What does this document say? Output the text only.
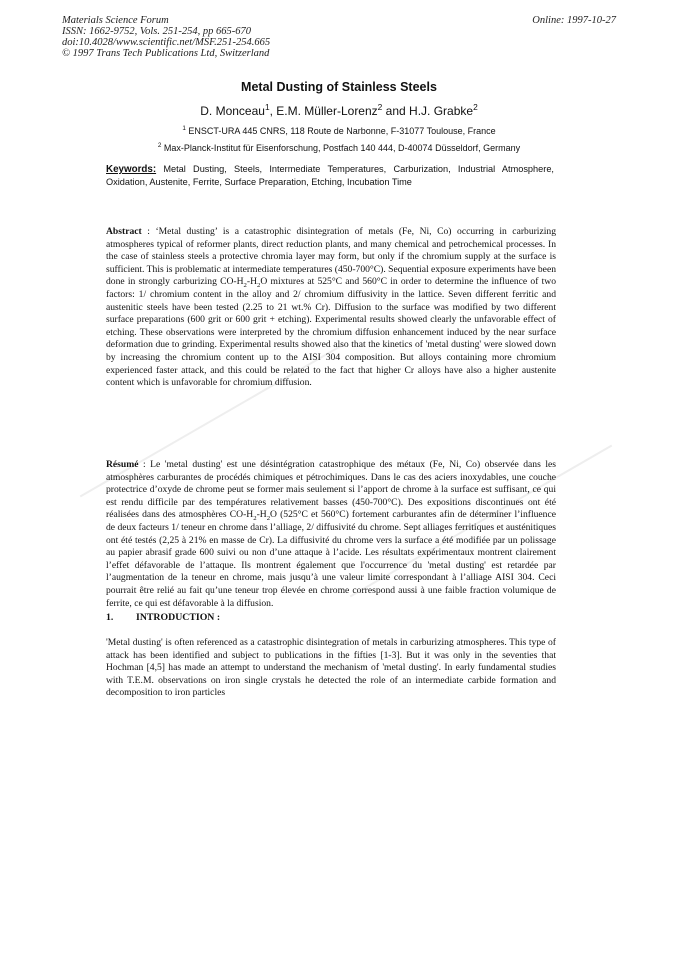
Materials Science Forum
ISSN: 1662-9752, Vols. 251-254, pp 665-670
doi:10.4028/www.scientific.net/MSF.251-254.665
© 1997 Trans Tech Publications Ltd, Switzerland
Online: 1997-10-27
Metal Dusting of Stainless Steels
D. Monceau$^1$, E.M. Müller-Lorenz$^2$ and H.J. Grabke$^2$
$^1$ ENSCT-URA 445 CNRS, 118 Route de Narbonne, F-31077 Toulouse, France
$^2$ Max-Planck-Institut für Eisenforschung, Postfach 140 444, D-40074 Düsseldorf, Germany
Keywords: Metal Dusting, Steels, Intermediate Temperatures, Carburization, Industrial Atmosphere, Oxidation, Austenite, Ferrite, Surface Preparation, Etching, Incubation Time
Abstract : ‘Metal dusting’ is a catastrophic disintegration of metals (Fe, Ni, Co) occurring in carburizing atmospheres typical of reformer plants, direct reduction plants, and many chemical and petrochemical processes. In the case of stainless steels a protective chromia layer may form, but only if the chromium supply at the surface is sufficient. This is problematic at intermediate temperatures (450-700°C). Sequential exposure experiments have been done in strongly carburizing $CO-H_2-H_2O$ mixtures at 525°C and 560°C in order to determine the influence of two factors: 1/ chromium content in the alloy and 2/ chromium diffusivity in the lattice. Seven different ferritic and austenitic steels have been tested (2.25 to 21 wt.% Cr). Diffusion to the surface was modified by two different surface preparations (600 grit or 600 grit + etching). Experimental results showed clearly the unfavorable effect of etching. These observations were interpreted by the chromium diffusion enhancement induced by the near surface deformation due to grinding. Experimental results showed also that the kinetics of 'metal dusting' were slowed down by increasing the chromium content up to the AISI 304 composition. But alloys containing more chromium experienced faster attack, and this could be related to the fact that higher Cr alloys have also a higher austenite content which is unfavorable for chromium diffusion.
Résumé : Le 'metal dusting' est une désintégration catastrophique des métaux (Fe, Ni, Co) observée dans les atmosphères carburantes de procédés chimiques et pétrochimiques. Dans le cas des aciers inoxydables, une couche protectrice d’oxyde de chrome peut se former mais seulement si l’apport de chrome à la surface est suffisant, ce qui est rendu difficile par des températures relativement basses (450-700°C). Des expositions discontinues ont été réalisées dans des atmosphères $CO-H_2-H_2O$ (525°C et 560°C) fortement carburantes afin de déterminer l’influence de deux facteurs 1/ teneur en chrome dans l’alliage, 2/ diffusivité du chrome. Sept alliages ferritiques et austénitiques ont été testés (2,25 à 21% en masse de Cr). La diffusivité du chrome vers la surface a été modifiée par un polissage au papier abrasif grade 600 suivi ou non d’une attaque à l’acide. Les résultats expérimentaux montrent clairement l’effet défavorable de l’attaque. Ils montrent également que l'occurrence du 'metal dusting' est retardée par l’augmentation de la teneur en chrome, mais jusqu’à une valeur limite correspondant à l’alliage AISI 304. Ceci pourrait être relié au fait qu’une teneur trop élevée en chrome correspond aussi à une faible fraction volumique de ferrite, ce qui est défavorable à la diffusion.
1. INTRODUCTION :
'Metal dusting' is often referenced as a catastrophic disintegration of metals in carburizing atmospheres. This type of attack has been identified and subject to publications in the fifties [1-3]. But it was only in the seventies that Hochman [4,5] has made an attempt to understand the mechanism of 'metal dusting'. In early fundamental studies with T.E.M. observations on iron single crystals he detected the role of an intermediate carbide formation and decomposition to iron particles
